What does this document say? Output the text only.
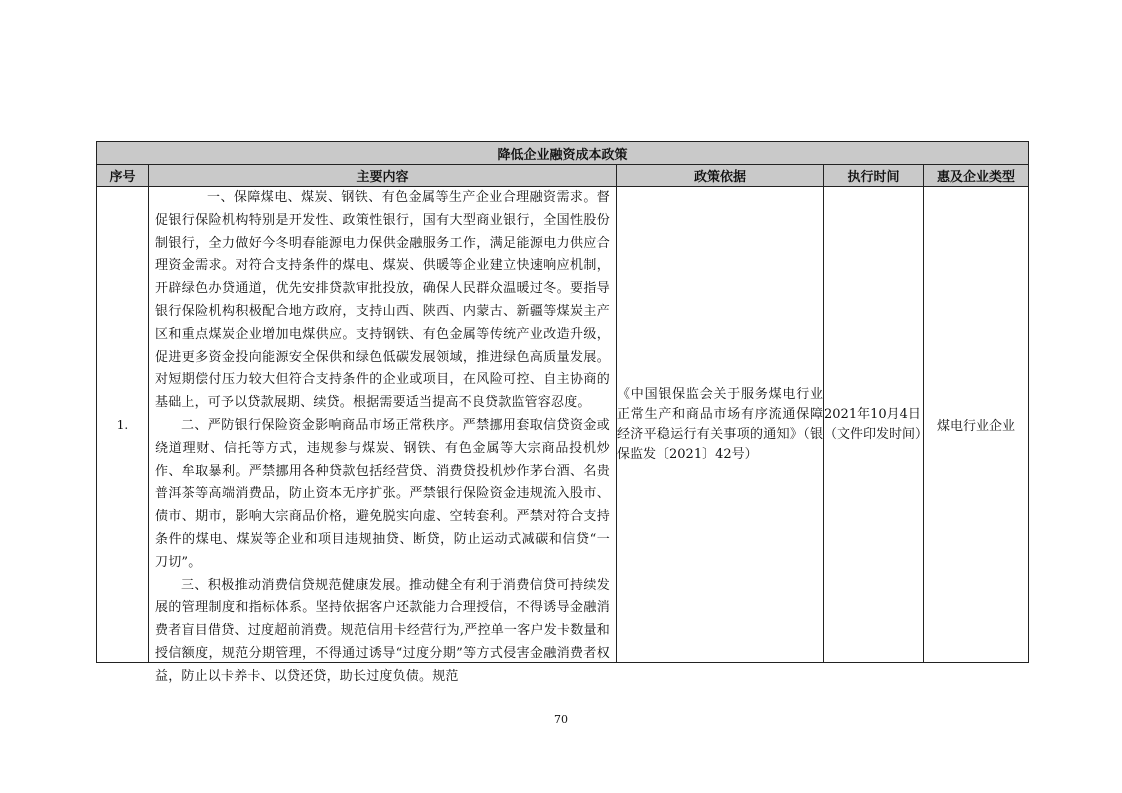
降低企业融资成本政策				
序号	主要内容	政策依据	执行时间	惠及企业类型
1.	一、保障煤电、煤炭、钢铁、有色金属等生产企业合理融资需求。督促银行保险机构特别是开发性、政策性银行，国有大型商业银行，全国性股份制银行，全力做好今冬明春能源电力保供金融服务工作，满足能源电力供应合理资金需求。对符合支持条件的煤电、煤炭、供暖等企业建立快速响应机制，开辟绿色办贷通道，优先安排贷款审批投放，确保人民群众温暖过冬。要指导银行保险机构积极配合地方政府，支持山西、陕西、内蒙古、新疆等煤炭主产区和重点煤炭企业增加电煤供应。支持钢铁、有色金属等传统产业改造升级，促进更多资金投向能源安全保供和绿色低碳发展领域，推进绿色高质量发展。对短期偿付压力较大但符合支持条件的企业或项目，在风险可控、自主协商的基础上，可予以贷款展期、续贷。根据需要适当提高不良贷款监管容忍度。

二、严防银行保险资金影响商品市场正常秩序。严禁挪用套取信贷资金或绕道理财、信托等方式，违规参与煤炭、钢铁、有色金属等大宗商品投机炒作、牟取暴利。严禁挪用各种贷款包括经营贷、消费贷投机炒作茅台酒、名贵普洱茶等高端消费品，防止资本无序扩张。严禁银行保险资金违规流入股市、债市、期市，影响大宗商品价格，避免脱实向虚、空转套利。严禁对符合支持条件的煤电、煤炭等企业和项目违规抽贷、断贷，防止运动式减碳和信贷“一刀切”。

三、积极推动消费信贷规范健康发展。推动健全有利于消费信贷可持续发展的管理制度和指标体系。坚持依据客户还款能力合理授信，不得诱导金融消费者盲目借贷、过度超前消费。规范信用卡经营行为,严控单一客户发卡数量和授信额度，规范分期管理，不得通过诱导“过度分期”等方式侵害金融消费者权益，防止以卡养卡、以贷还贷，助长过度负债。规范	《中国银保监会关于服务煤电行业正常生产和商品市场有序流通保障经济平稳运行有关事项的通知》（银保监发〔2021〕42号）	2021年10月4日（文件印发时间）	煤电行业企业
70
